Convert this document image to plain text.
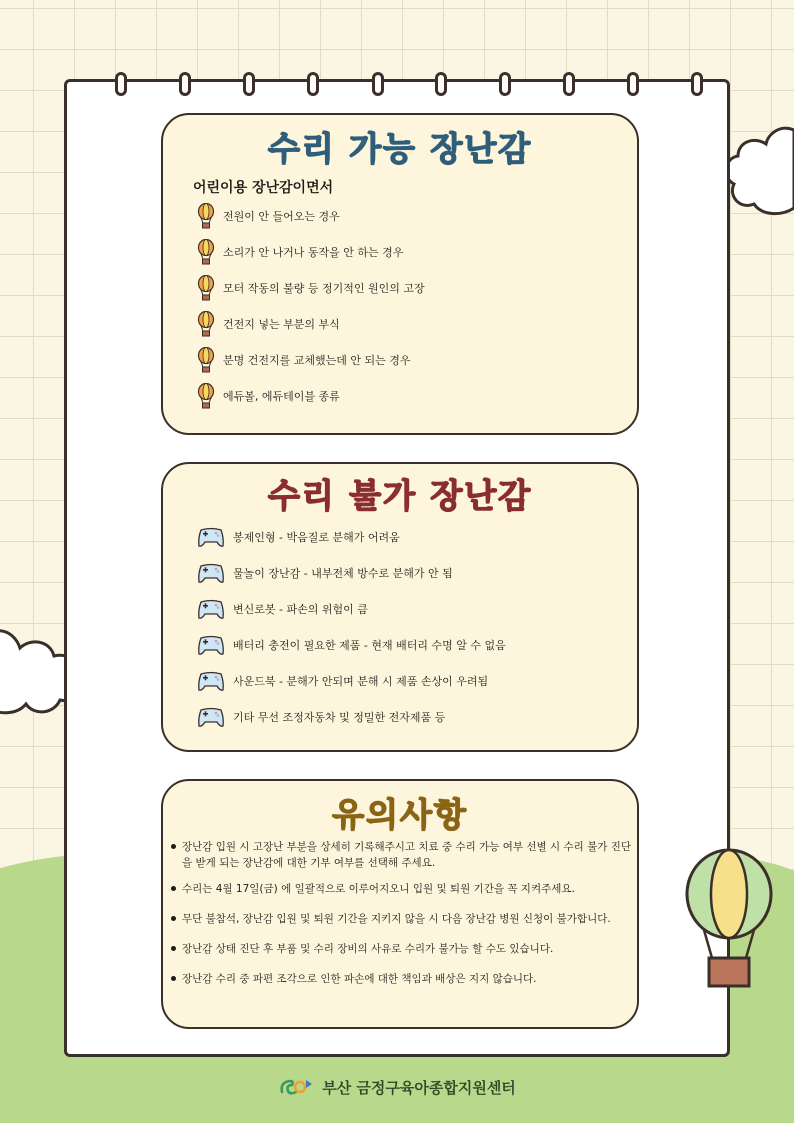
수리 가능 장난감
어린이용 장난감이면서
전원이 안 들어오는 경우
소리가 안 나거나 동작을 안 하는 경우
모터 작동의 불량 등 정기적인 원인의 고장
건전지 넣는 부분의 부식
분명 건전지를 교체했는데 안 되는 경우
에듀볼, 에듀테이블 종류
수리 불가 장난감
봉제인형 - 박음질로 분해가 어려움
물놀이 장난감 - 내부전체 방수로 분해가 안 됨
변신로봇 - 파손의 위험이 큼
배터리 충전이 필요한 제품 - 현재 배터리 수명 알 수 없음
사운드북 - 분해가 안되며 분해 시 제품 손상이 우려됨
기타 무선 조정자동차 및 정밀한 전자제품 등
유의사항
장난감 입원 시 고장난 부분을 상세히 기록해주시고 치료 중 수리 가능 여부 선별 시 수리 불가 진단을 받게 되는 장난감에 대한 기부 여부를 선택해 주세요.
수리는 4월 17일(금) 에 일괄적으로 이루어지오니 입원 및 퇴원 기간을 꼭 지켜주세요.
무단 불참석, 장난감 입원 및 퇴원 기간을 지키지 않을 시 다음 장난감 병원 신청이 불가합니다.
장난감 상태 진단 후 부품 및 수리 장비의 사유로 수리가 불가능 할 수도 있습니다.
장난감 수리 중 파편 조각으로 인한 파손에 대한 책임과 배상은 지지 않습니다.
부산 금정구육아종합지원센터
